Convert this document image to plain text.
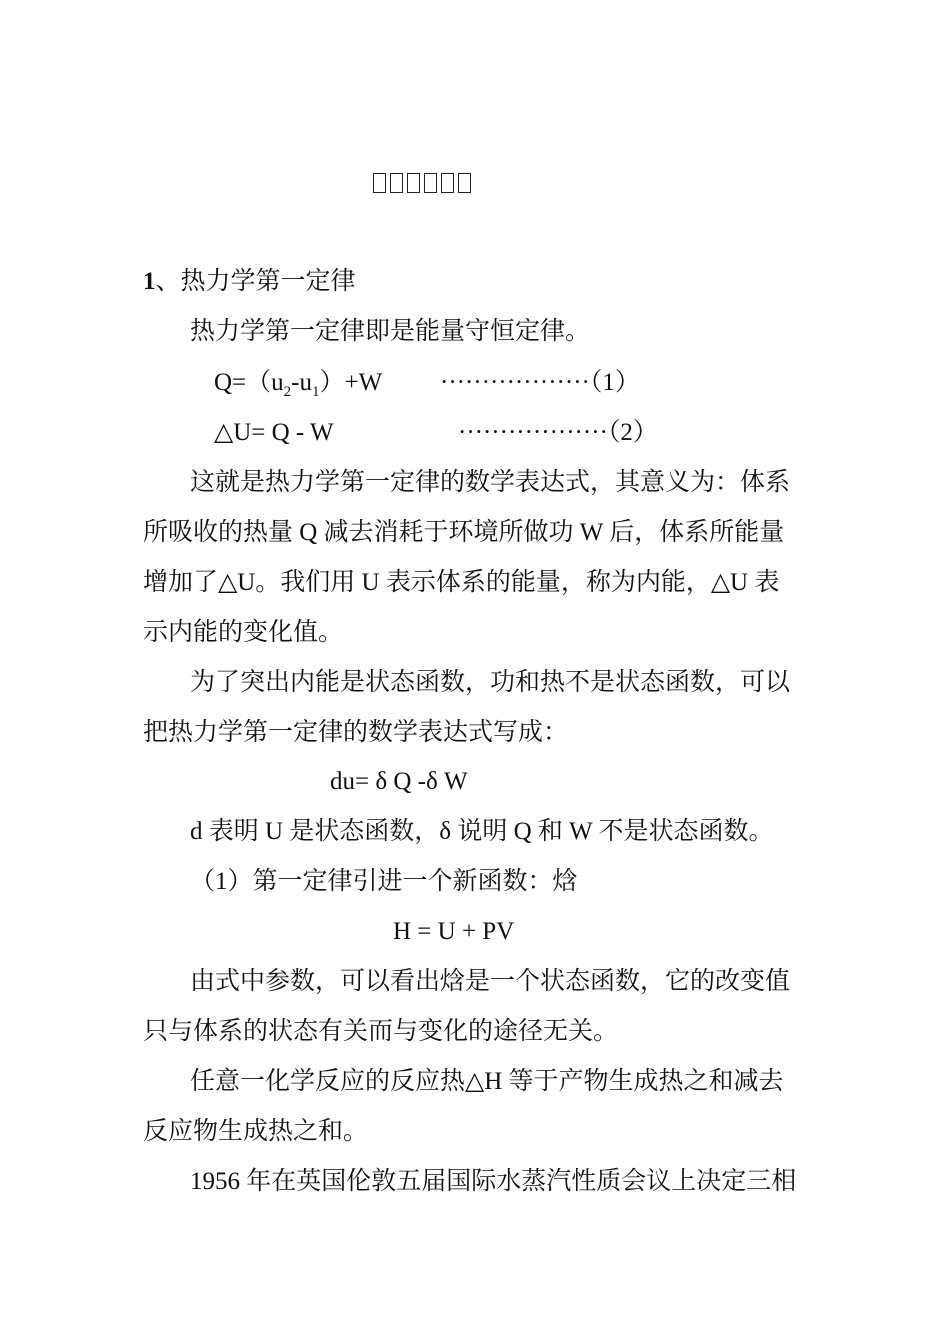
1、热力学第一定律
热力学第一定律即是能量守恒定律。
$Q=(u_2-u_1)+W \cdot\cdot\cdot\cdot\cdot\cdot\cdot\cdot\cdot\cdot\cdot\cdot\cdot\cdot\cdot\cdot\cdot\cdot(1)$
△U= Q - W	··················（2）
这就是热力学第一定律的数学表达式，其意义为：体系
所吸收的热量 Q 减去消耗于环境所做功 W 后，体系所能量
增加了△U。我们用 U 表示体系的能量，称为内能，△U 表
示内能的变化值。
为了突出内能是状态函数，功和热不是状态函数，可以
把热力学第一定律的数学表达式写成：
du= δ Q -δ W
d 表明 U 是状态函数，δ 说明 Q 和 W 不是状态函数。
（1）第一定律引进一个新函数：焓
H = U + PV
由式中参数，可以看出焓是一个状态函数，它的改变值
只与体系的状态有关而与变化的途径无关。
任意一化学反应的反应热△H 等于产物生成热之和减去
反应物生成热之和。
1956 年在英国伦敦五届国际水蒸汽性质会议上决定三相
